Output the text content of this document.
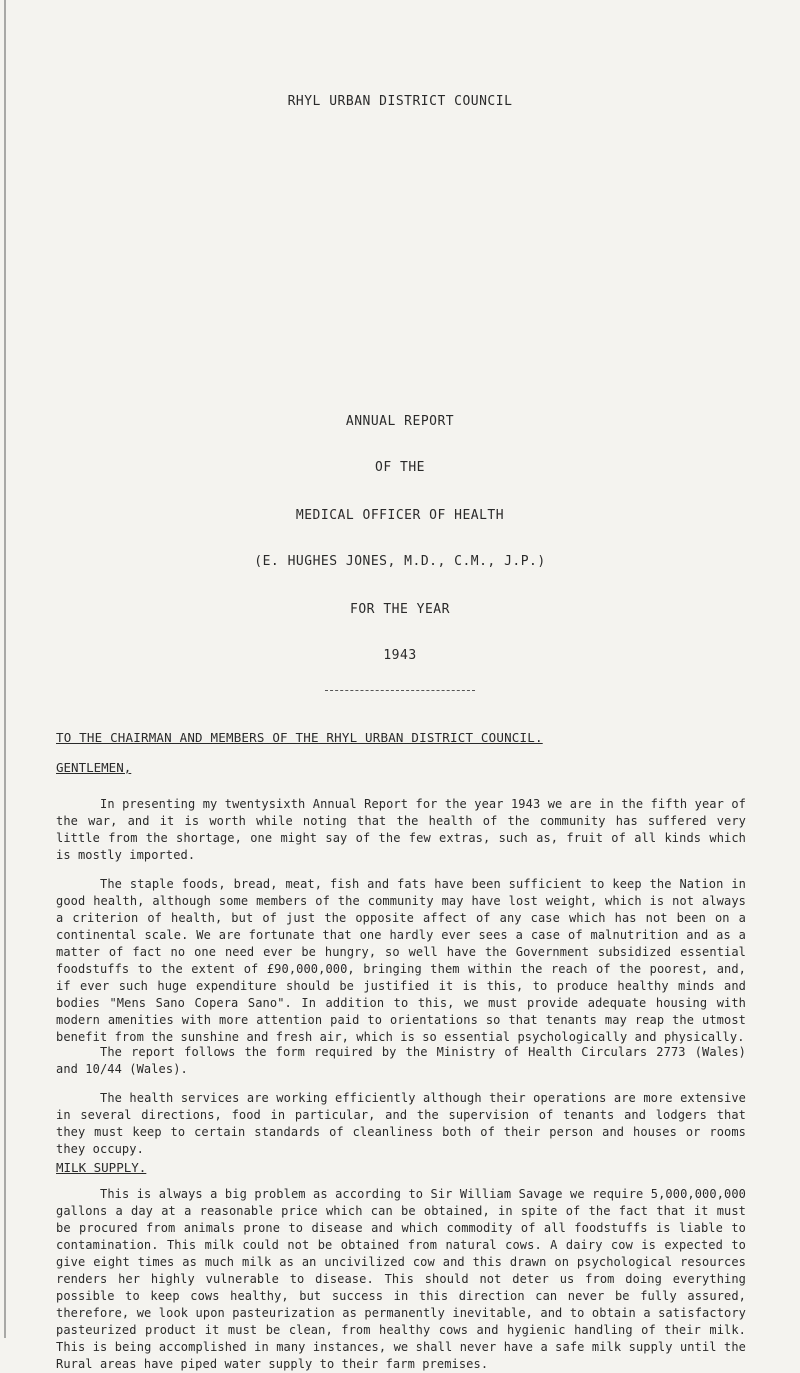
RHYL URBAN DISTRICT COUNCIL
ANNUAL REPORT
OF THE
MEDICAL OFFICER OF HEALTH
(E. HUGHES JONES, M.D., C.M., J.P.)
FOR THE YEAR
1943
TO THE CHAIRMAN AND MEMBERS OF THE RHYL URBAN DISTRICT COUNCIL.
GENTLEMEN,
In presenting my twentysixth Annual Report for the year 1943 we are in the fifth year of the war, and it is worth while noting that the health of the community has suffered very little from the shortage, one might say of the few extras, such as, fruit of all kinds which is mostly imported.
The staple foods, bread, meat, fish and fats have been sufficient to keep the Nation in good health, although some members of the community may have lost weight, which is not always a criterion of health, but of just the opposite affect of any case which has not been on a continental scale. We are fortunate that one hardly ever sees a case of malnutrition and as a matter of fact no one need ever be hungry, so well have the Government subsidized essential foodstuffs to the extent of £90,000,000, bringing them within the reach of the poorest, and, if ever such huge expenditure should be justified it is this, to produce healthy minds and bodies "Mens Sano Copera Sano". In addition to this, we must provide adequate housing with modern amenities with more attention paid to orientations so that tenants may reap the utmost benefit from the sunshine and fresh air, which is so essential psychologically and physically.
The report follows the form required by the Ministry of Health Circulars 2773 (Wales) and 10/44 (Wales).
The health services are working efficiently although their operations are more extensive in several directions, food in particular, and the supervision of tenants and lodgers that they must keep to certain standards of cleanliness both of their person and houses or rooms they occupy.
MILK SUPPLY.
This is always a big problem as according to Sir William Savage we require 5,000,000,000 gallons a day at a reasonable price which can be obtained, in spite of the fact that it must be procured from animals prone to disease and which commodity of all foodstuffs is liable to contamination. This milk could not be obtained from natural cows. A dairy cow is expected to give eight times as much milk as an uncivilized cow and this drawn on psychological resources renders her highly vulnerable to disease. This should not deter us from doing everything possible to keep cows healthy, but success in this direction can never be fully assured, therefore, we look upon pasteurization as permanently inevitable, and to obtain a satisfactory pasteurized product it must be clean, from healthy cows and hygienic handling of their milk. This is being accomplished in many instances, we shall never have a safe milk supply until the Rural areas have piped water supply to their farm premises.
